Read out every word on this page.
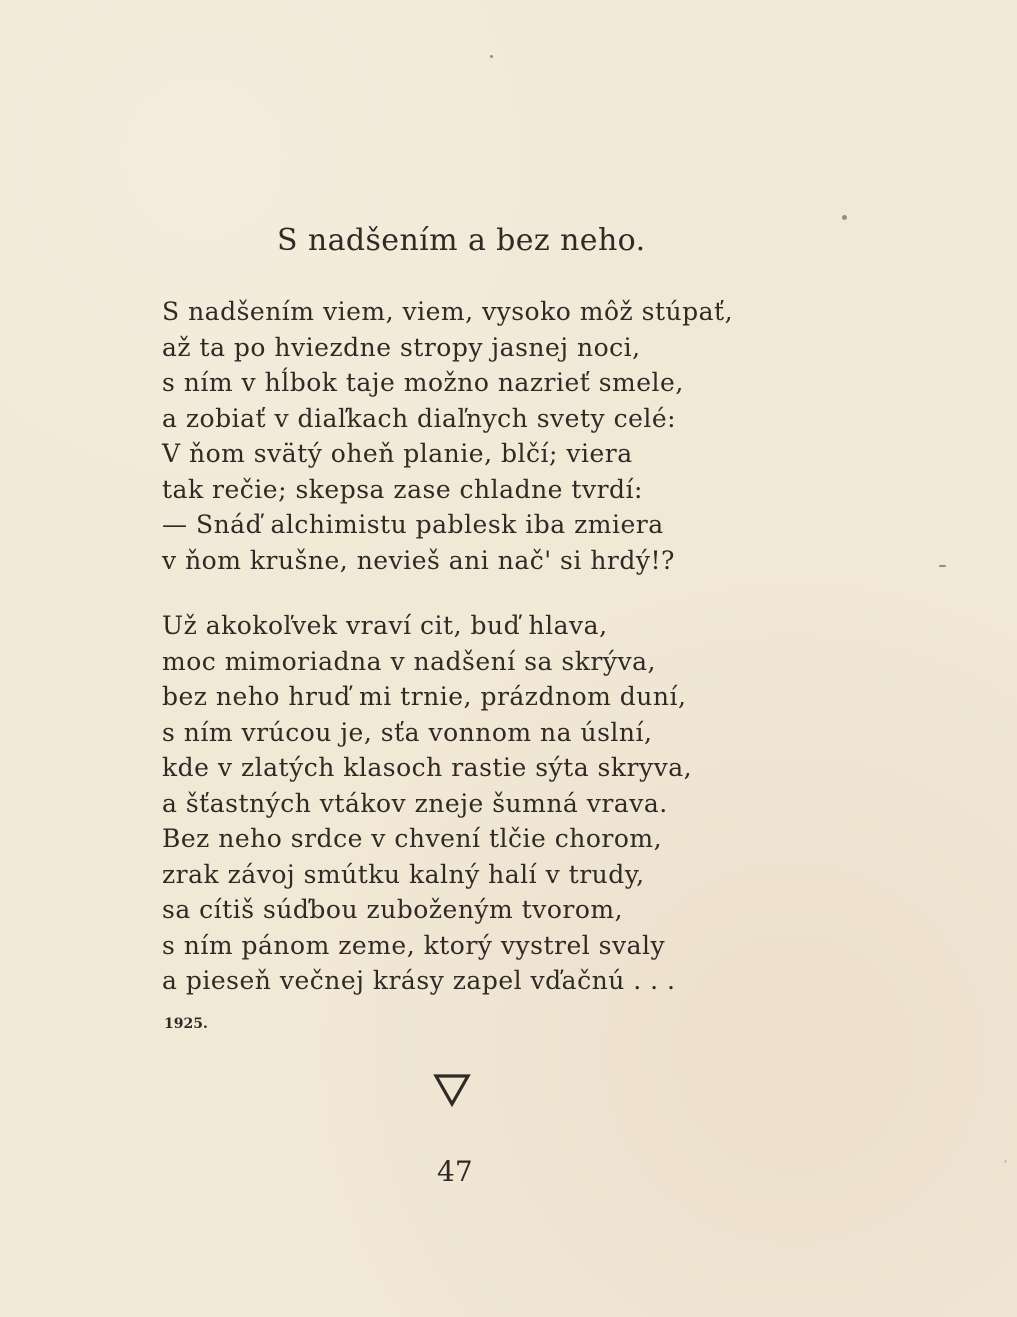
S nadšením a bez neho.
S nadšením viem, viem, vysoko môž stúpať,
až ta po hviezdne stropy jasnej noci,
s ním v hĺbok taje možno nazrieť smele,
a zobiať v diaľkach diaľnych svety celé:
V ňom svätý oheň planie, blčí; viera
tak rečie; skepsa zase chladne tvrdí:
— Snáď alchimistu pablesk iba zmiera
v ňom krušne, nevieš ani nač' si hrdý!?
Už akokoľvek vraví cit, buď hlava,
moc mimoriadna v nadšení sa skrýva,
bez neho hruď mi trnie, prázdnom duní,
s ním vrúcou je, sťa vonnom na úslní,
kde v zlatých klasoch rastie sýta skryva,
a šťastných vtákov zneje šumná vrava.
Bez neho srdce v chvení tlčie chorom,
zrak závoj smútku kalný halí v trudy,
sa cítiš súďbou zuboženým tvorom,
s ním pánom zeme, ktorý vystrel svaly
a pieseň večnej krásy zapel vďačnú . . .

1925.

47
